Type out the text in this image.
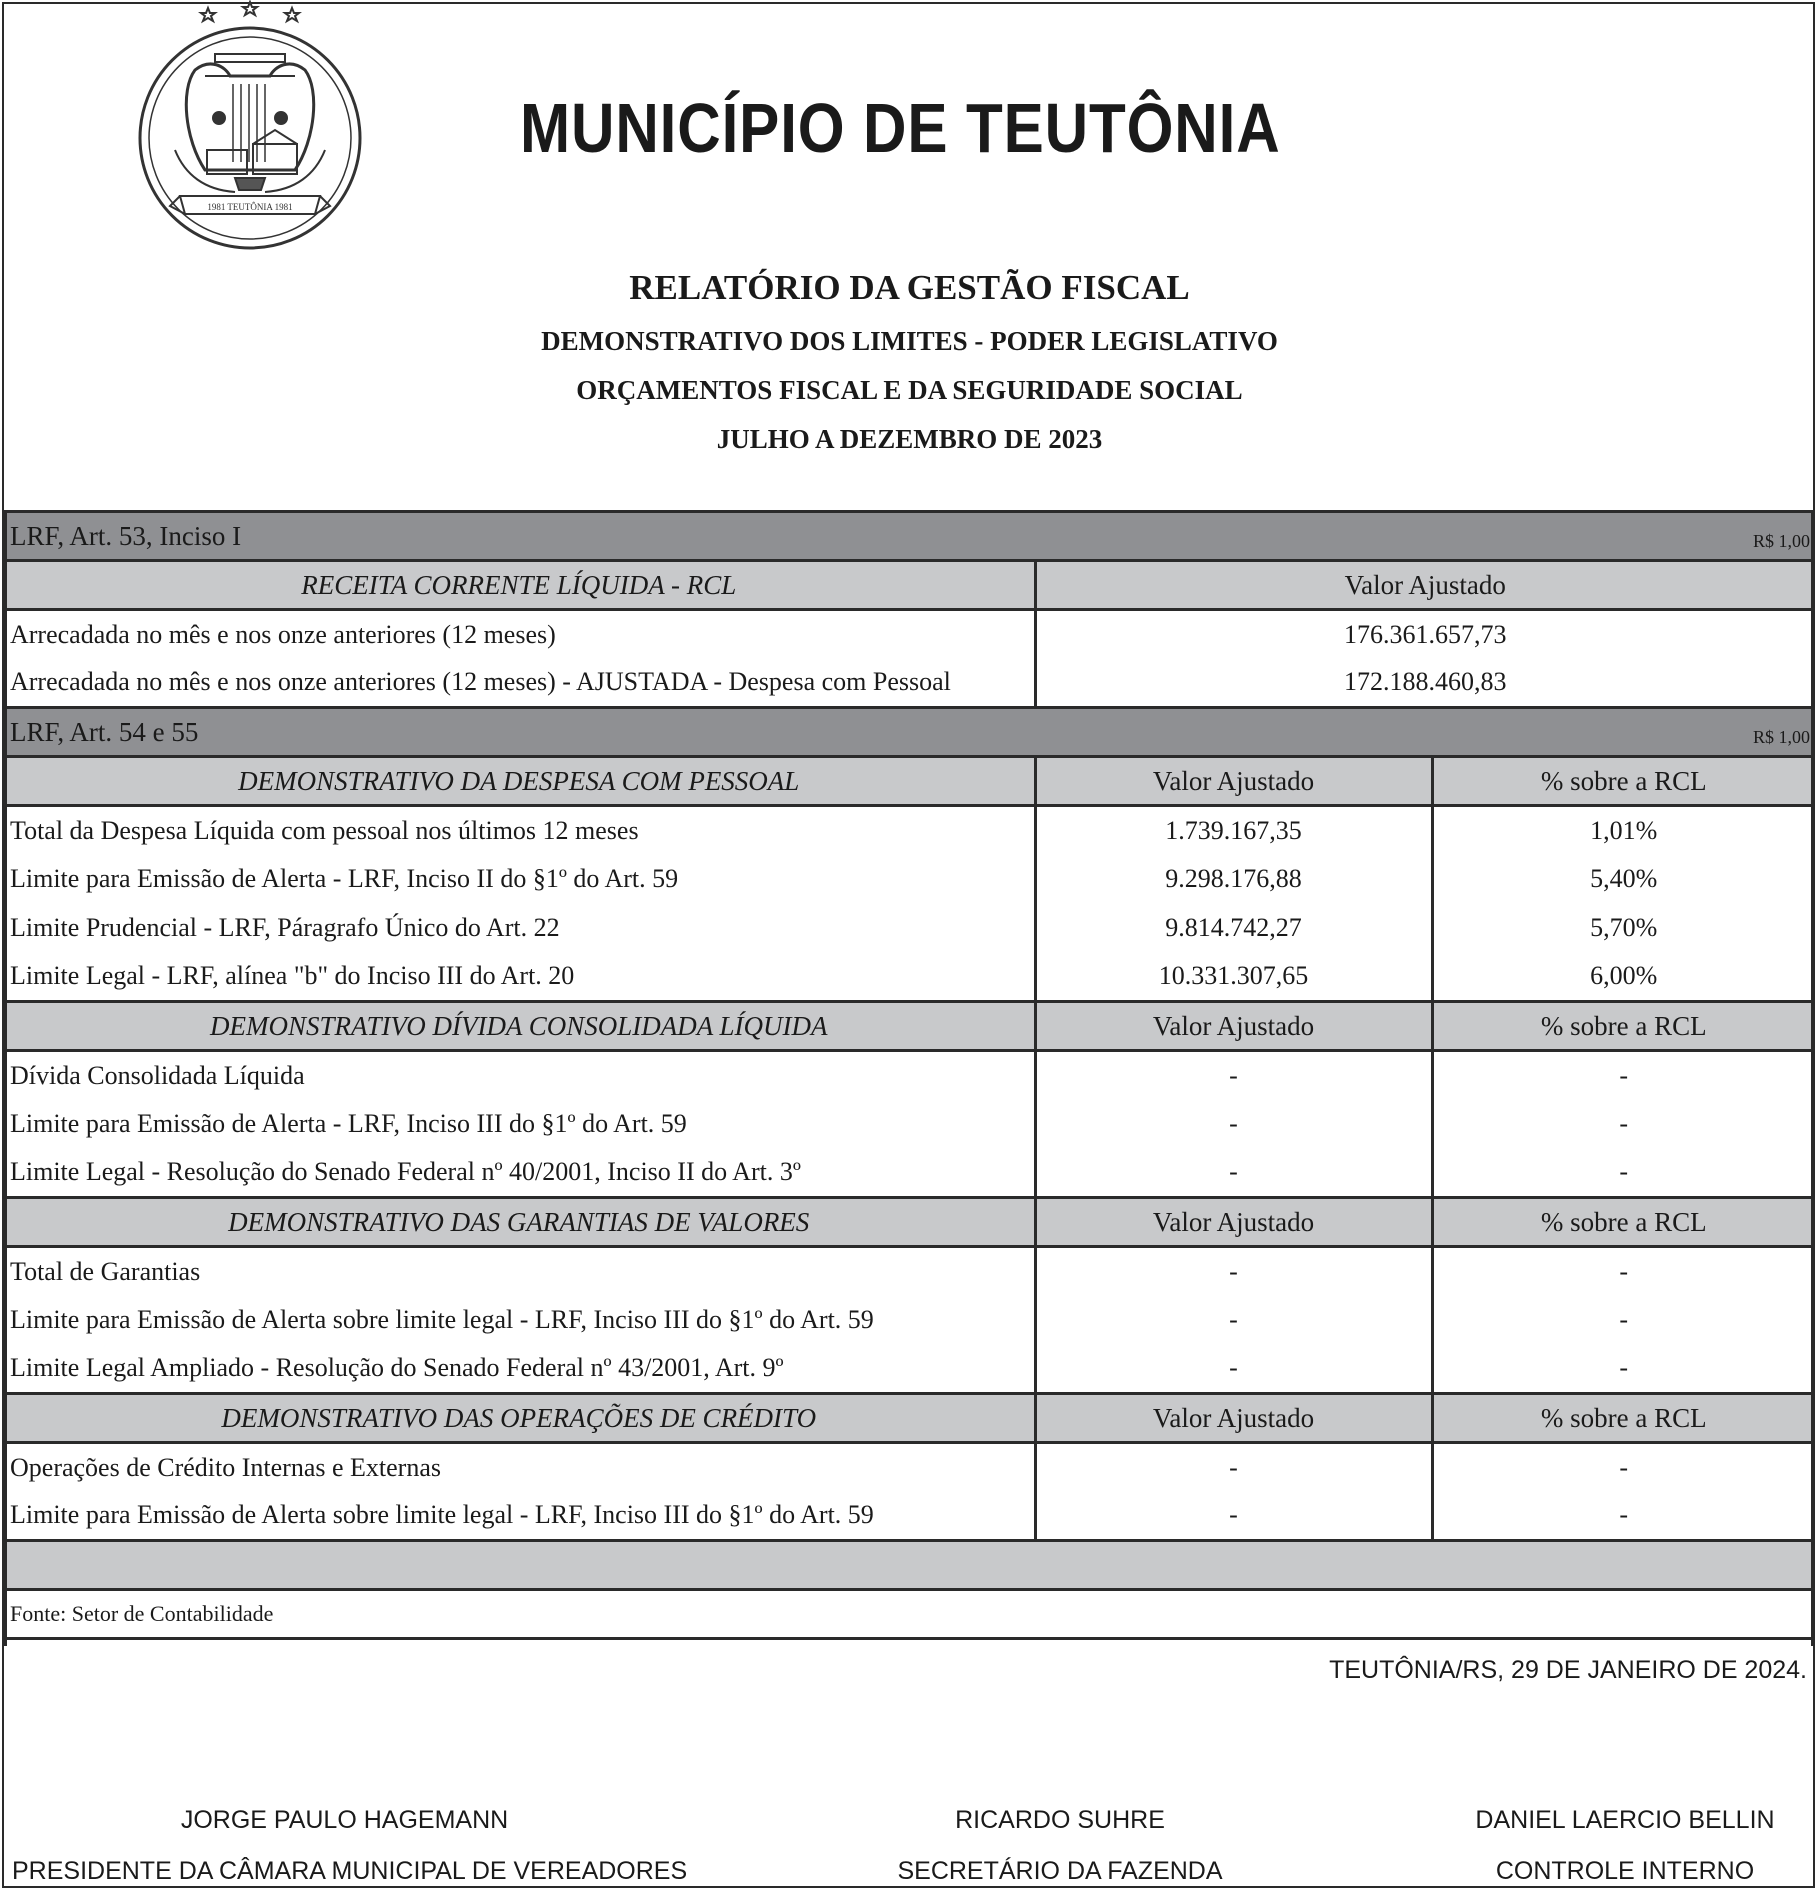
1981 TEUTÔNIA 1981
MUNICÍPIO DE TEUTÔNIA
RELATÓRIO DA GESTÃO FISCAL
DEMONSTRATIVO DOS LIMITES - PODER LEGISLATIVO
ORÇAMENTOS FISCAL E DA SEGURIDADE SOCIAL
JULHO A DEZEMBRO DE 2023
LRF, Art. 53, Inciso I		R$ 1,00
RECEITA CORRENTE LÍQUIDA - RCL	Valor Ajustado	
Arrecadada no mês e nos onze anteriores (12 meses)	176.361.657,73	
Arrecadada no mês e nos onze anteriores (12 meses) - AJUSTADA - Despesa com Pessoal	172.188.460,83	
LRF, Art. 54 e 55		R$ 1,00
DEMONSTRATIVO DA DESPESA COM PESSOAL	Valor Ajustado	% sobre a RCL
Total da Despesa Líquida com pessoal nos últimos 12 meses	1.739.167,35	1,01%
Limite para Emissão de Alerta - LRF, Inciso II do §1º do Art. 59	9.298.176,88	5,40%
Limite Prudencial - LRF, Páragrafo Único do Art. 22	9.814.742,27	5,70%
Limite Legal - LRF, alínea "b" do Inciso III do Art. 20	10.331.307,65	6,00%
DEMONSTRATIVO DÍVIDA CONSOLIDADA LÍQUIDA	Valor Ajustado	% sobre a RCL
Dívida Consolidada Líquida	-	-
Limite para Emissão de Alerta - LRF, Inciso III do §1º do Art. 59	-	-
Limite Legal - Resolução do Senado Federal nº 40/2001, Inciso II do Art. 3º	-	-
DEMONSTRATIVO DAS GARANTIAS DE VALORES	Valor Ajustado	% sobre a RCL
Total de Garantias	-	-
Limite para Emissão de Alerta sobre limite legal - LRF, Inciso III do §1º do Art. 59	-	-
Limite Legal Ampliado - Resolução do Senado Federal nº 43/2001, Art. 9º	-	-
DEMONSTRATIVO DAS OPERAÇÕES DE CRÉDITO	Valor Ajustado	% sobre a RCL
Operações de Crédito Internas e Externas	-	-
Limite para Emissão de Alerta sobre limite legal - LRF, Inciso III do §1º do Art. 59	-	-

Fonte: Setor de Contabilidade		
TEUTÔNIA/RS, 29 DE JANEIRO DE 2024.
JORGE PAULO HAGEMANN
PRESIDENTE DA CÂMARA MUNICIPAL DE VEREADORES
RICARDO SUHRE
SECRETÁRIO DA FAZENDA
DANIEL LAERCIO BELLIN
CONTROLE INTERNO
